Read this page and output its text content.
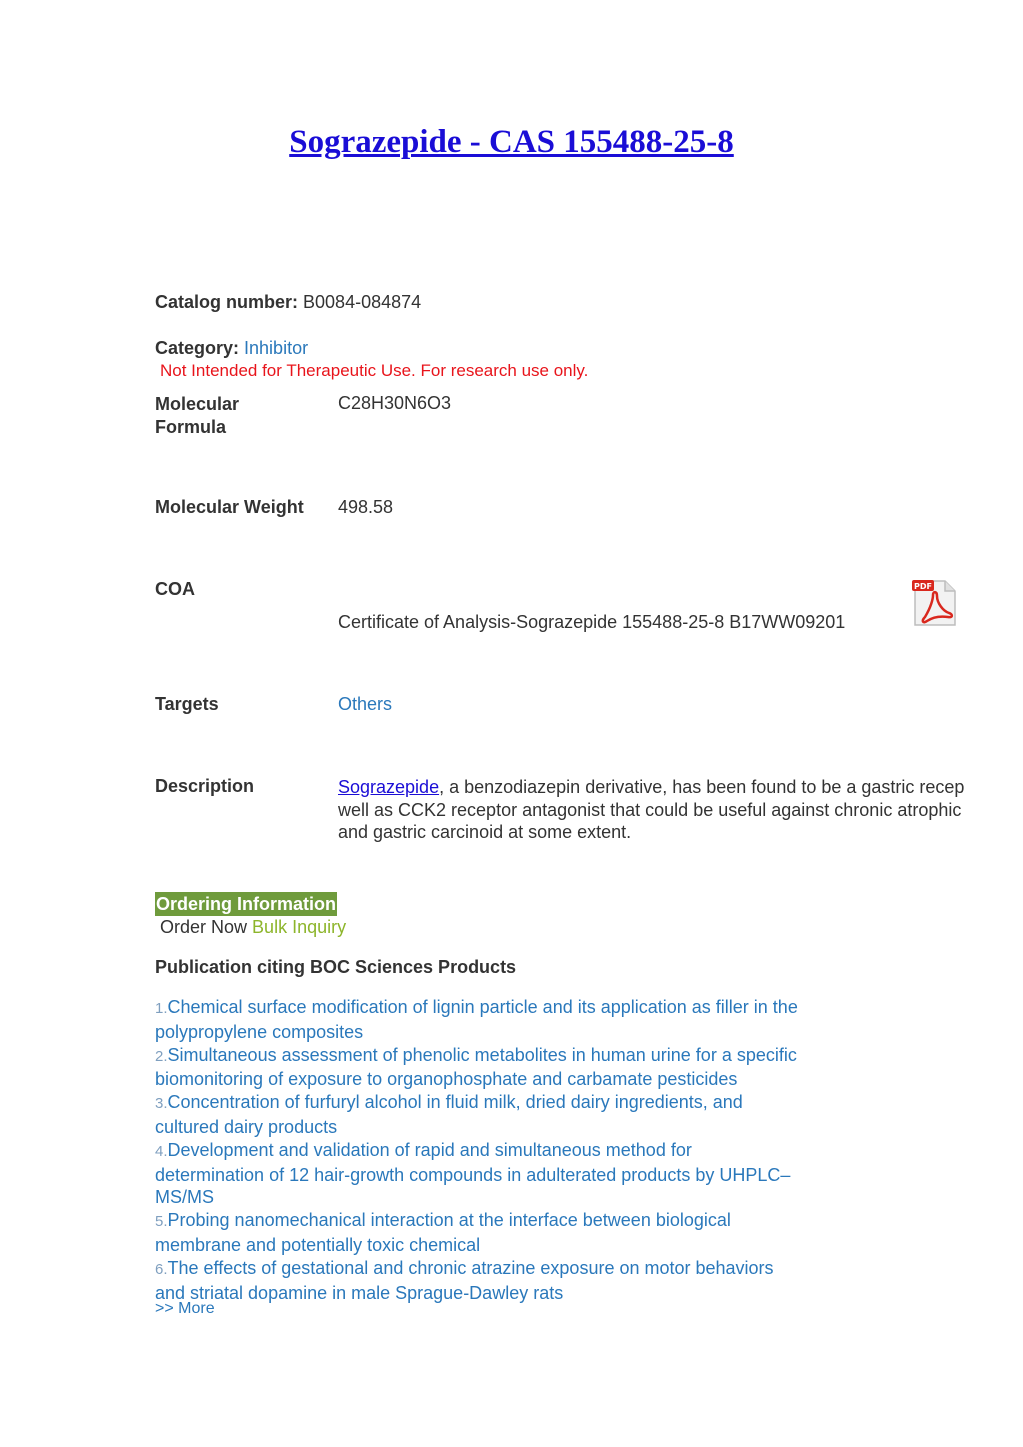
Sograzepide - CAS 155488-25-8
Catalog number: B0084-084874
Category: Inhibitor
Not Intended for Therapeutic Use. For research use only.
Molecular
Formula
C28H30N6O3
Molecular Weight 498.58
COA
Certificate of Analysis-Sograzepide 155488-25-8 B17WW09201
PDF
Targets	Others
Description	Sograzepide, a benzodiazepin derivative, has been found to be a gastric recep
well as CCK2 receptor antagonist that could be useful against chronic atrophic
and gastric carcinoid at some extent.
Ordering Information
Order Now Bulk Inquiry
Publication citing BOC Sciences Products
1.Chemical surface modification of lignin particle and its application as filler in the
polypropylene composites
2.Simultaneous assessment of phenolic metabolites in human urine for a specific
biomonitoring of exposure to organophosphate and carbamate pesticides
3.Concentration of furfuryl alcohol in fluid milk, dried dairy ingredients, and
cultured dairy products
4.Development and validation of rapid and simultaneous method for
determination of 12 hair-growth compounds in adulterated products by UHPLC–
MS/MS
5.Probing nanomechanical interaction at the interface between biological
membrane and potentially toxic chemical
6.The effects of gestational and chronic atrazine exposure on motor behaviors
and striatal dopamine in male Sprague-Dawley rats
>> More
